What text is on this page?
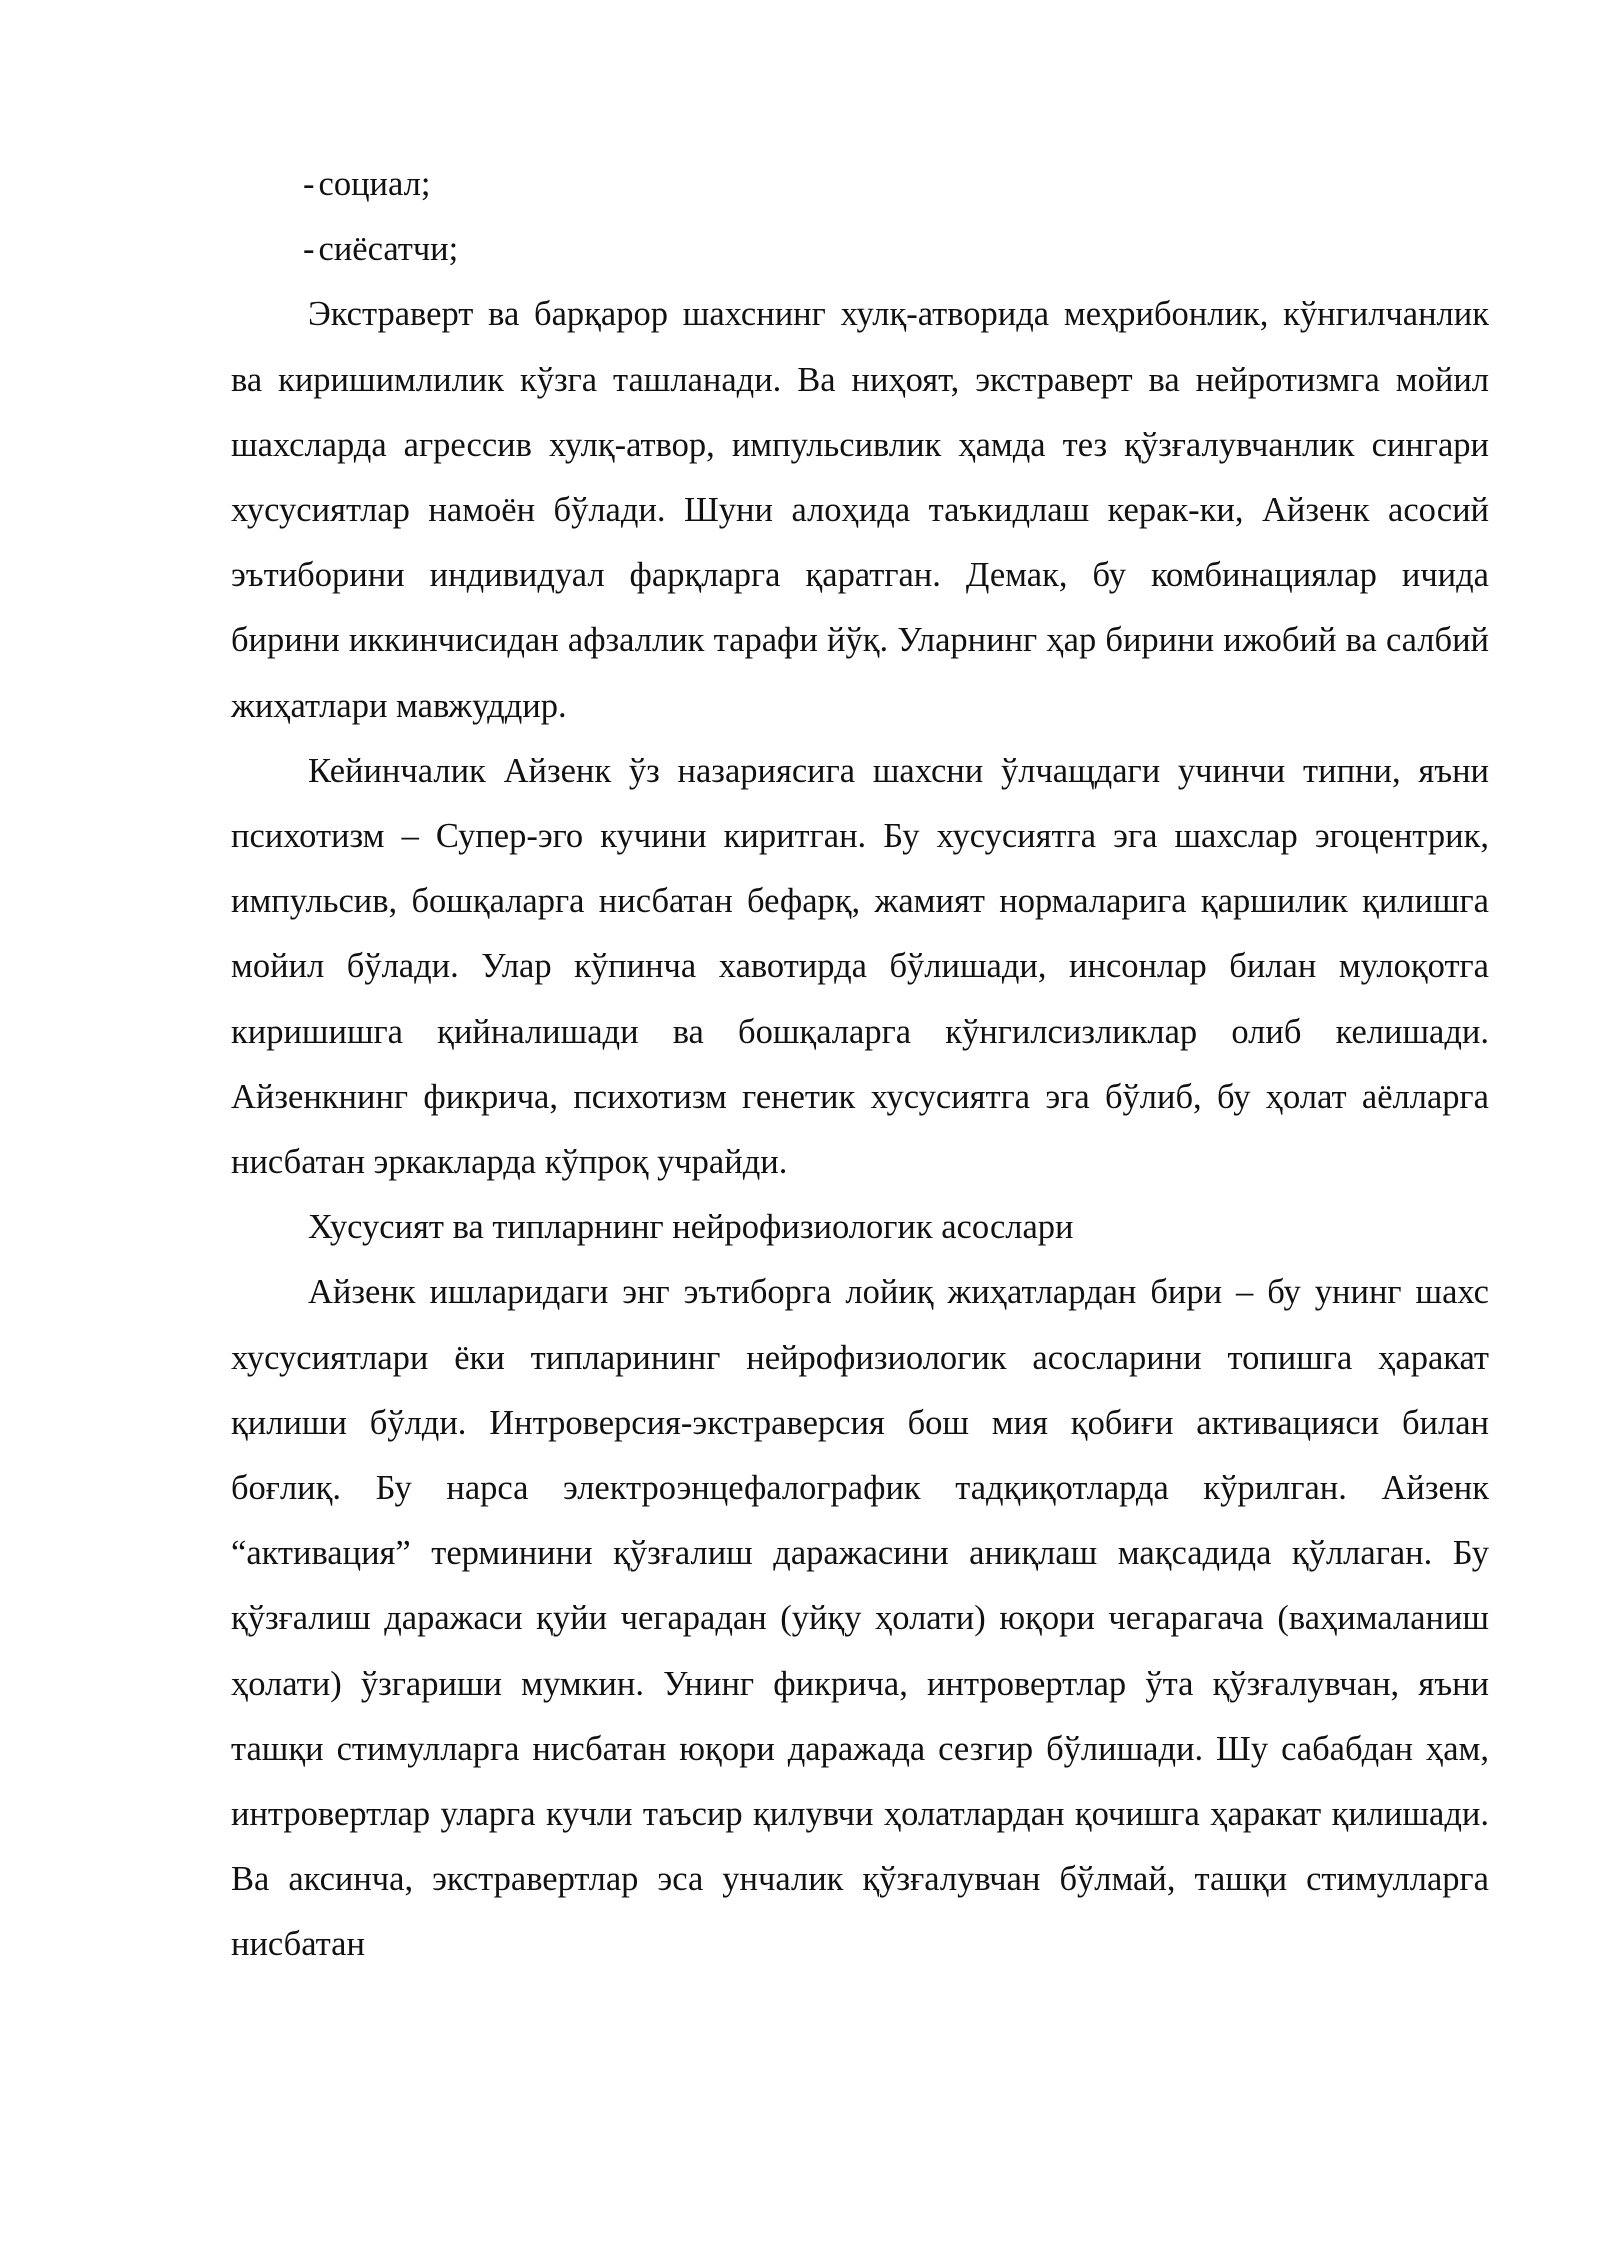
- социал;

- сиёсатчи;

Экстраверт ва барқарор шахснинг хулқ-атворида меҳрибонлик, кўнгилчанлик ва киришимлилик кўзга ташланади. Ва ниҳоят, экстраверт ва нейротизмга мойил шахсларда агрессив хулқ-атвор, импульсивлик ҳамда тез қўзғалувчанлик сингари хусусиятлар намоён бўлади. Шуни алоҳида таъкидлаш керак-ки, Айзенк асосий эътиборини индивидуал фарқларга қаратган. Демак, бу комбинациялар ичида бирини иккинчисидан афзаллик тарафи йўқ. Уларнинг ҳар бирини ижобий ва салбий жиҳатлари мавжуддир.

Кейинчалик Айзенк ўз назариясига шахсни ўлчащдаги учинчи типни, яъни психотизм – Супер-эго кучини киритган. Бу хусусиятга эга шахслар эгоцентрик, импульсив, бошқаларга нисбатан бефарқ, жамият нормаларига қаршилик қилишга мойил бўлади. Улар кўпинча хавотирда бўлишади, инсонлар билан мулоқотга киришишга қийналишади ва бошқаларга кўнгилсизликлар олиб келишади. Айзенкнинг фикрича, психотизм генетик хусусиятга эга бўлиб, бу ҳолат аёлларга нисбатан эркакларда кўпроқ учрайди.

Хусусият ва типларнинг нейрофизиологик асослари

Айзенк ишларидаги энг эътиборга лойиқ жиҳатлардан бири – бу унинг шахс хусусиятлари ёки типларининг нейрофизиологик асосларини топишга ҳаракат қилиши бўлди. Интроверсия-экстраверсия бош мия қобиғи активацияси билан боғлиқ. Бу нарса электроэнцефалографик тадқиқотларда кўрилган. Айзенк “активация” терминини қўзғалиш даражасини аниқлаш мақсадида қўллаган. Бу қўзғалиш даражаси қуйи чегарадан (уйқу ҳолати) юқори чегарагача (ваҳималаниш ҳолати) ўзгариши мумкин. Унинг фикрича, интровертлар ўта қўзғалувчан, яъни ташқи стимулларга нисбатан юқори даражада сезгир бўлишади. Шу сабабдан ҳам, интровертлар уларга кучли таъсир қилувчи ҳолатлардан қочишга ҳаракат қилишади. Ва аксинча, экстравертлар эса унчалик қўзғалувчан бўлмай, ташқи стимулларга нисбатан
